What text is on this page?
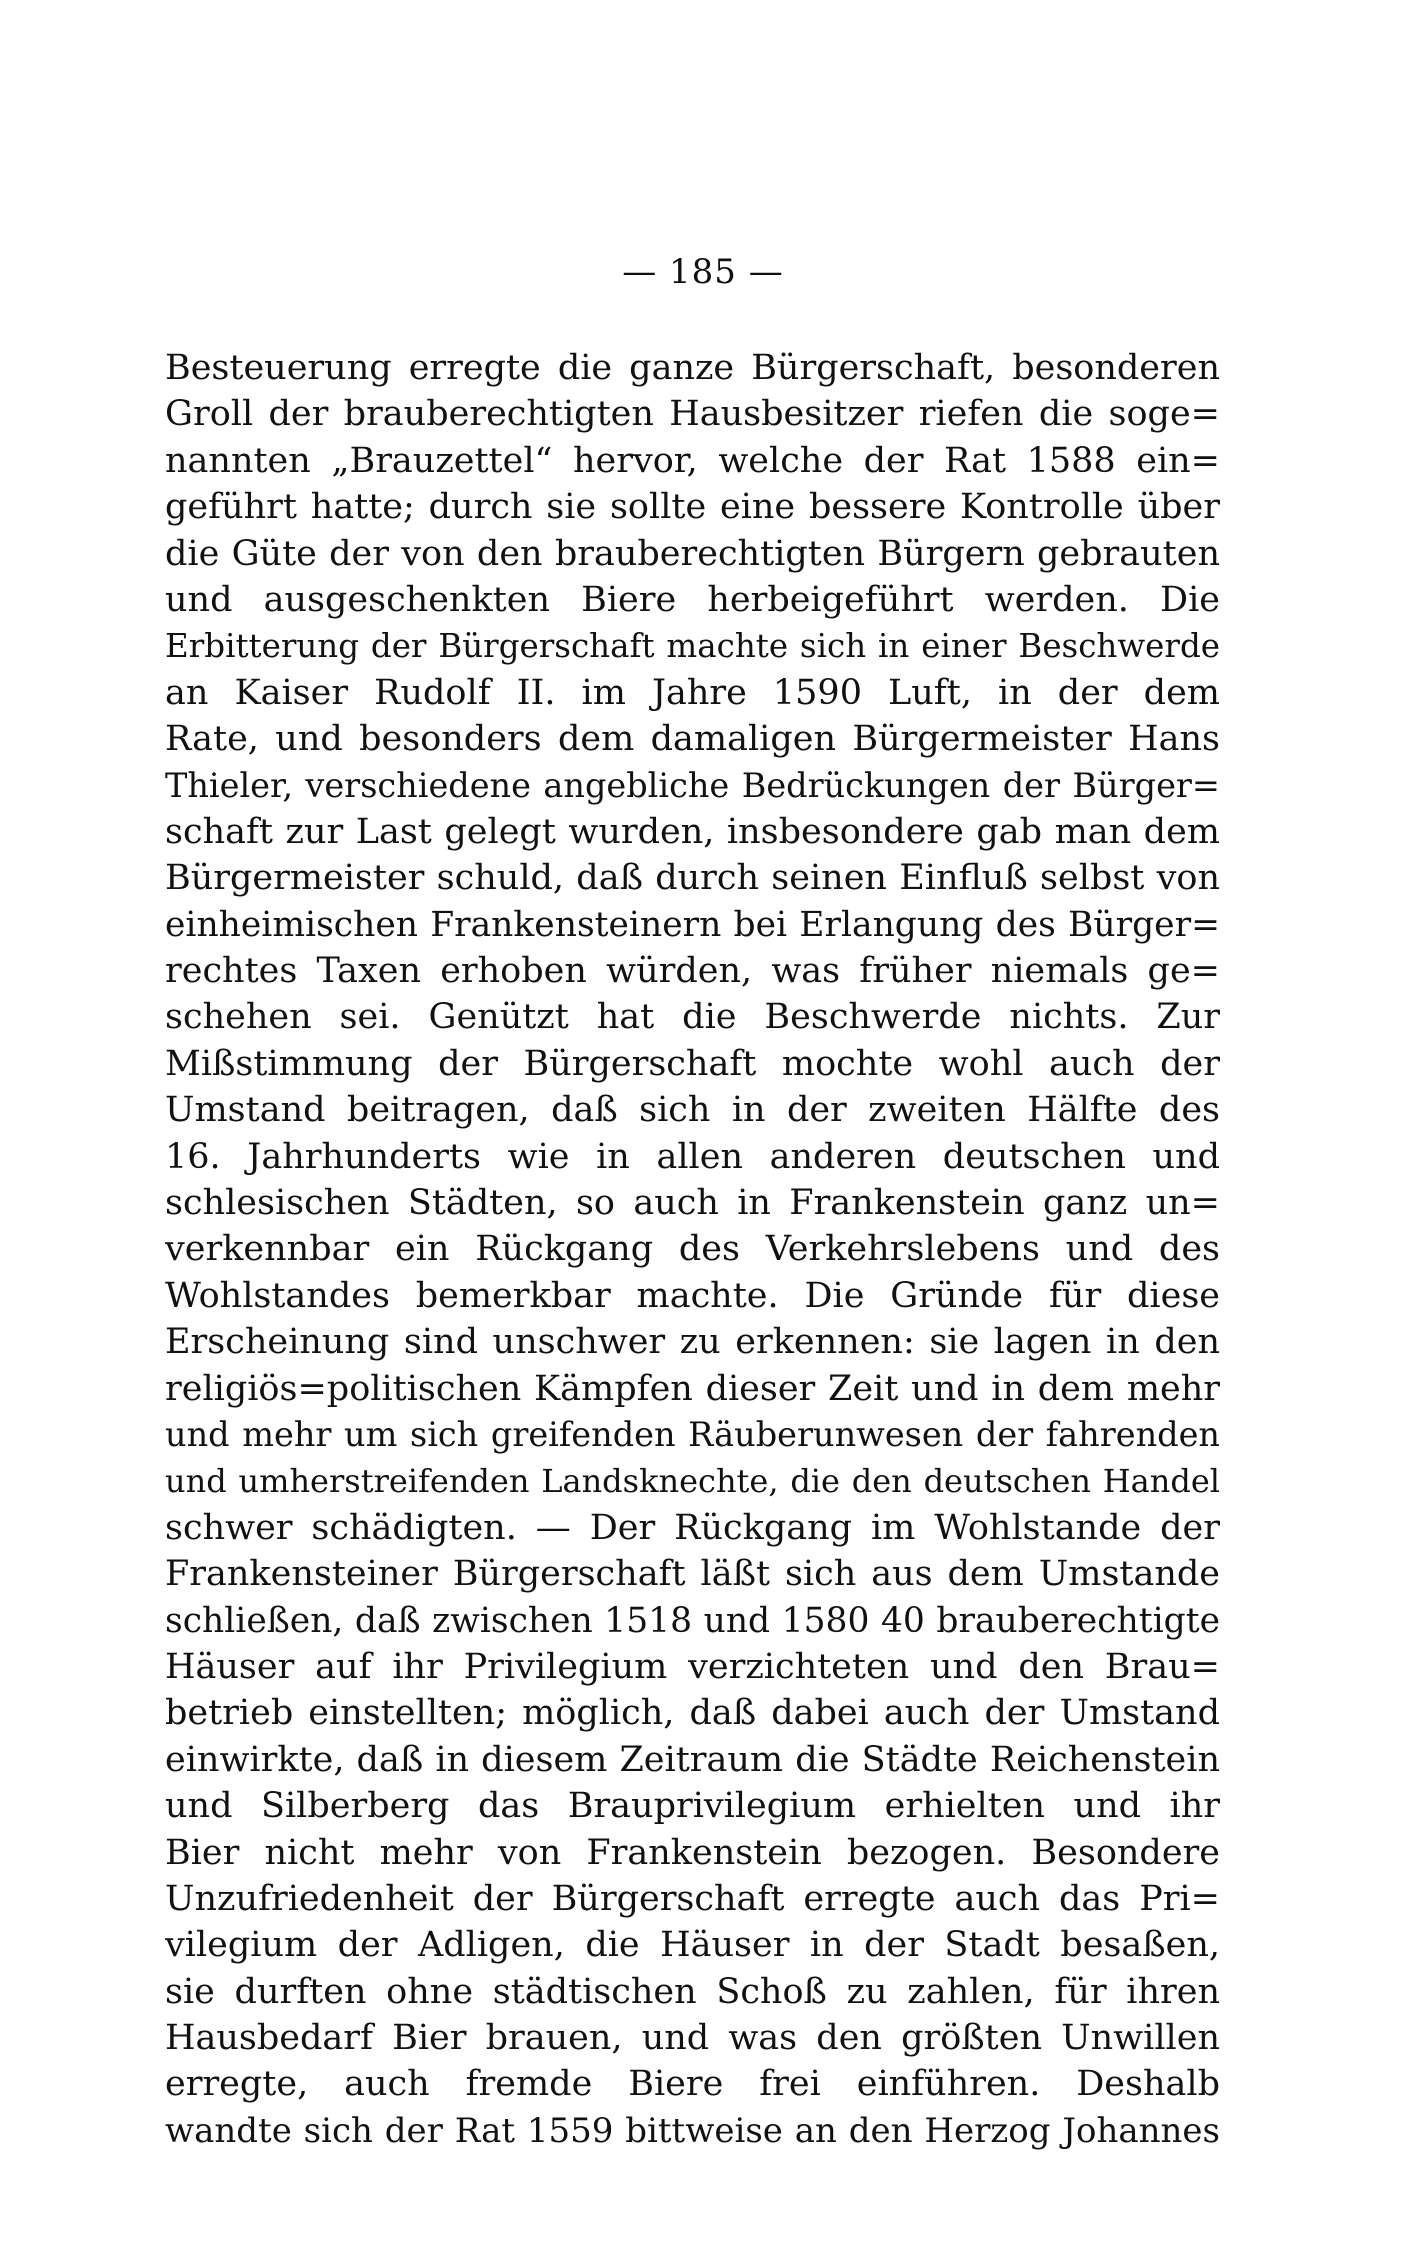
— 185 —
Besteuerung erregte die ganze Bürgerschaft, besonderen
Groll der brauberechtigten Hausbesitzer riefen die soge=
nannten „Brauzettel“ hervor, welche der Rat 1588 ein=
geführt hatte; durch sie sollte eine bessere Kontrolle über
die Güte der von den brauberechtigten Bürgern gebrauten
und ausgeschenkten Biere herbeigeführt werden. Die
Erbitterung der Bürgerschaft machte sich in einer Beschwerde
an Kaiser Rudolf II. im Jahre 1590 Luft, in der dem
Rate, und besonders dem damaligen Bürgermeister Hans
Thieler, verschiedene angebliche Bedrückungen der Bürger=
schaft zur Last gelegt wurden, insbesondere gab man dem
Bürgermeister schuld, daß durch seinen Einfluß selbst von
einheimischen Frankensteinern bei Erlangung des Bürger=
rechtes Taxen erhoben würden, was früher niemals ge=
schehen sei. Genützt hat die Beschwerde nichts. Zur
Mißstimmung der Bürgerschaft mochte wohl auch der
Umstand beitragen, daß sich in der zweiten Hälfte des
16. Jahrhunderts wie in allen anderen deutschen und
schlesischen Städten, so auch in Frankenstein ganz un=
verkennbar ein Rückgang des Verkehrslebens und des
Wohlstandes bemerkbar machte. Die Gründe für diese
Erscheinung sind unschwer zu erkennen: sie lagen in den
religiös=politischen Kämpfen dieser Zeit und in dem mehr
und mehr um sich greifenden Räuberunwesen der fahrenden
und umherstreifenden Landsknechte, die den deutschen Handel
schwer schädigten. — Der Rückgang im Wohlstande der
Frankensteiner Bürgerschaft läßt sich aus dem Umstande
schließen, daß zwischen 1518 und 1580 40 brauberechtigte
Häuser auf ihr Privilegium verzichteten und den Brau=
betrieb einstellten; möglich, daß dabei auch der Umstand
einwirkte, daß in diesem Zeitraum die Städte Reichenstein
und Silberberg das Brauprivilegium erhielten und ihr
Bier nicht mehr von Frankenstein bezogen. Besondere
Unzufriedenheit der Bürgerschaft erregte auch das Pri=
vilegium der Adligen, die Häuser in der Stadt besaßen,
sie durften ohne städtischen Schoß zu zahlen, für ihren
Hausbedarf Bier brauen, und was den größten Unwillen
erregte, auch fremde Biere frei einführen. Deshalb
wandte sich der Rat 1559 bittweise an den Herzog Johannes
